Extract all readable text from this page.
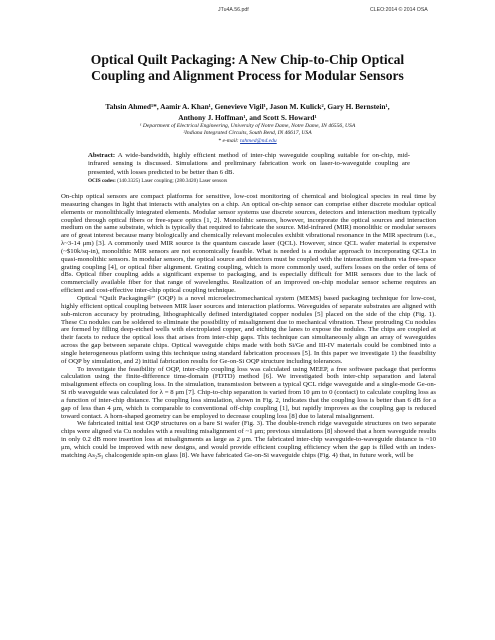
JTu4A.56.pdf	CLEO:2014 © 2014 OSA
Optical Quilt Packaging: A New Chip-to-Chip Optical
Coupling and Alignment Process for Modular Sensors
Tahsin Ahmed¹*, Aamir A. Khan¹, Genevieve Vigil¹, Jason M. Kulick², Gary H. Bernstein¹,
Anthony J. Hoffman¹, and Scott S. Howard¹
¹ Department of Electrical Engineering, University of Notre Dame, Notre Dame, IN 46556, USA
²Indiana Integrated Circuits, South Bend, IN 46617, USA
* e-mail: tahmed@nd.edu
Abstract: A wide-bandwidth, highly efficient method of inter-chip waveguide coupling suitable for on-chip, mid-infrared sensing is discussed. Simulations and preliminary fabrication work on laser-to-waveguide coupling are presented, with losses predicted to be better than 6 dB.
OCIS codes: (140.3325) Laser coupling; (280.3420) Laser sensors

On-chip optical sensors are compact platforms for sensitive, low-cost monitoring of chemical and biological species in real time by measuring changes in light that interacts with analytes on a chip. An optical on-chip sensor can comprise either discrete modular optical elements or monolithically integrated elements. Modular sensor systems use discrete sources, detectors and interaction medium typically coupled through optical fibers or free-space optics [1, 2]. Monolithic sensors, however, incorporate the optical sources and interaction medium on the same substrate, which is typically that required to fabricate the source. Mid-infrared (MIR) monolithic or modular sensors are of great interest because many biologically and chemically relevant molecules exhibit vibrational resonance in the MIR spectrum (i.e., λ~3-14 μm) [3]. A commonly used MIR source is the quantum cascade laser (QCL). However, since QCL wafer material is expensive (~$10k/sq-in), monolithic MIR sensors are not economically feasible. What is needed is a modular approach to incorporating QCLs in quasi-monolithic sensors. In modular sensors, the optical source and detectors must be coupled with the interaction medium via free-space grating coupling [4], or optical fiber alignment. Grating coupling, which is more commonly used, suffers losses on the order of tens of dBs. Optical fiber coupling adds a significant expense to packaging, and is especially difficult for MIR sensors due to the lack of commercially available fiber for that range of wavelengths. Realization of an improved on-chip modular sensor scheme requires an efficient and cost-effective inter-chip optical coupling technique.

Optical “Quilt Packaging®” (OQP) is a novel microelectromechanical system (MEMS) based packaging technique for low-cost, highly efficient optical coupling between MIR laser sources and interaction platforms. Waveguides of separate substrates are aligned with sub-micron accuracy by protruding, lithographically defined interdigitated copper nodules [5] placed on the side of the chip (Fig. 1). These Cu nodules can be soldered to eliminate the possibility of misalignment due to mechanical vibration. These protruding Cu nodules are formed by filling deep-etched wells with electroplated copper, and etching the lanes to expose the nodules. The chips are coupled at their facets to reduce the optical loss that arises from inter-chip gaps. This technique can simultaneously align an array of waveguides across the gap between separate chips. Optical waveguide chips made with both Si/Ge and III-IV materials could be combined into a single heterogeneous platform using this technique using standard fabrication processes [5]. In this paper we investigate 1) the feasibility of OQP by simulation, and 2) initial fabrication results for Ge-on-Si OQP structure including tolerances.

To investigate the feasibility of OQP, inter-chip coupling loss was calculated using MEEP, a free software package that performs calculation using the finite-difference time-domain (FDTD) method [6]. We investigated both inter-chip separation and lateral misalignment effects on coupling loss. In the simulation, transmission between a typical QCL ridge waveguide and a single-mode Ge-on-Si rib waveguide was calculated for λ = 8 μm [7]. Chip-to-chip separation is varied from 10 μm to 0 (contact) to calculate coupling loss as a function of inter-chip distance. The coupling loss simulation, shown in Fig. 2, indicates that the coupling loss is better than 6 dB for a gap of less than 4 μm, which is comparable to conventional off-chip coupling [1], but rapidly improves as the coupling gap is reduced toward contact. A horn-shaped geometry can be employed to decrease coupling loss [8] due to lateral misalignment.

We fabricated initial test OQP structures on a bare Si wafer (Fig. 3). The double-trench ridge waveguide structures on two separate chips were aligned via Cu nodules with a resulting misalignment of ~1 μm; previous simulations [8] showed that a horn waveguide results in only 0.2 dB more insertion loss at misalignments as large as 2 μm. The fabricated inter-chip waveguide-to-waveguide distance is ~10 μm, which could be improved with new designs, and would provide efficient coupling efficiency when the gap is filled with an index-matching As₂S₃ chalcogenide spin-on glass [8]. We have fabricated Ge-on-Si waveguide chips (Fig. 4) that, in future work, will be
